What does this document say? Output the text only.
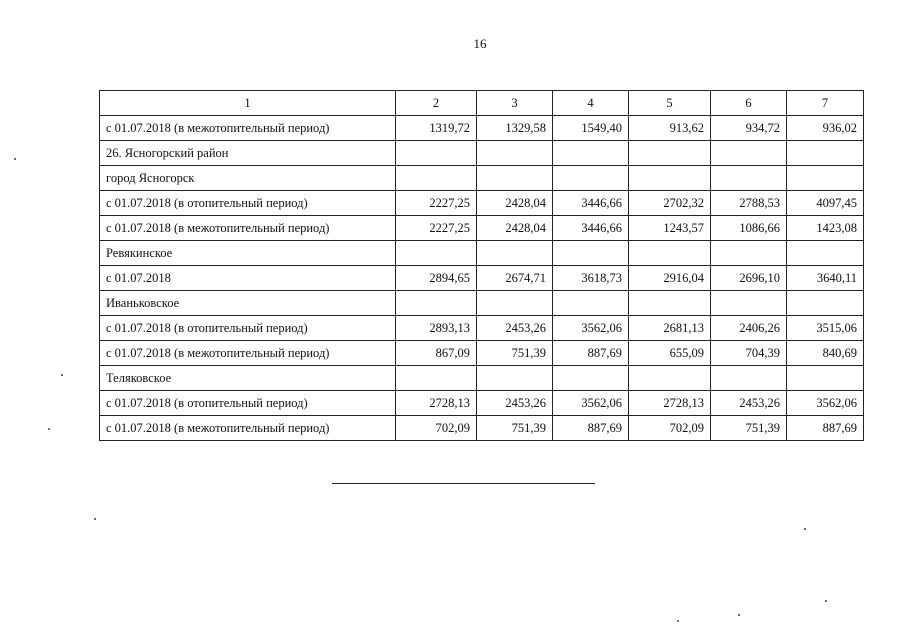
16
1	2	3	4	5	6	7
с 01.07.2018 (в межотопительный период)	1319,72	1329,58	1549,40	913,62	934,72	936,02
26. Ясногорский район						
город Ясногорск						
с 01.07.2018 (в отопительный период)	2227,25	2428,04	3446,66	2702,32	2788,53	4097,45
с 01.07.2018 (в межотопительный период)	2227,25	2428,04	3446,66	1243,57	1086,66	1423,08
Ревякинское						
с 01.07.2018	2894,65	2674,71	3618,73	2916,04	2696,10	3640,11
Иваньковское						
с 01.07.2018 (в отопительный период)	2893,13	2453,26	3562,06	2681,13	2406,26	3515,06
с 01.07.2018 (в межотопительный период)	867,09	751,39	887,69	655,09	704,39	840,69
Теляковское						
с 01.07.2018 (в отопительный период)	2728,13	2453,26	3562,06	2728,13	2453,26	3562,06
с 01.07.2018 (в межотопительный период)	702,09	751,39	887,69	702,09	751,39	887,69
